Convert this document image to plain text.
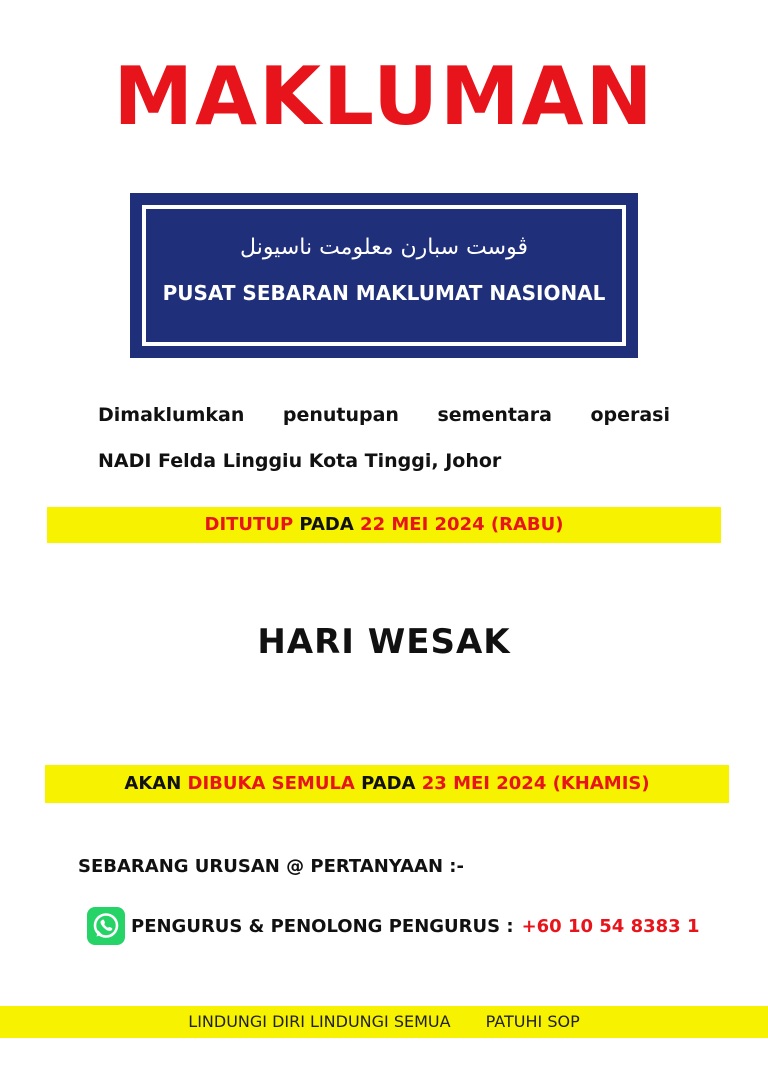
MAKLUMAN
ڤوست سبارن معلومت ناسيونل
PUSAT SEBARAN MAKLUMAT NASIONAL
Dimaklumkan penutupan sementara operasi
NADI Felda Linggiu Kota Tinggi, Johor
DITUTUP PADA 22 MEI 2024 (RABU)
HARI WESAK
AKAN DIBUKA SEMULA PADA 23 MEI 2024 (KHAMIS)
SEBARANG URUSAN @ PERTANYAAN :-
PENGURUS & PENOLONG PENGURUS : +60 10 54 8383 1
LINDUNGI DIRI LINDUNGI SEMUA PATUHI SOP
